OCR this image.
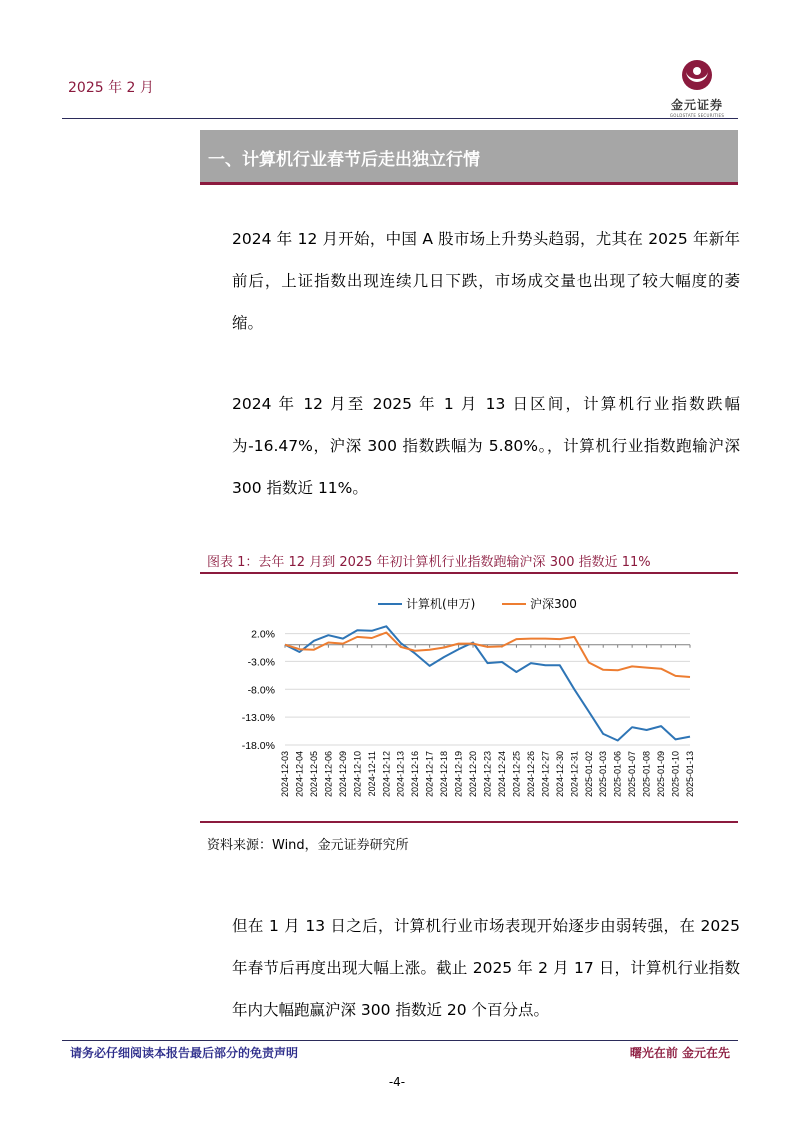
2025 年 2 月
金元证券
GOLDSTATE SECURITIES
一、计算机行业春节后走出独立行情

2024 年 12 月开始，中国 A 股市场上升势头趋弱，尤其在 2025 年新年前后，上证指数出现连续几日下跌，市场成交量也出现了较大幅度的萎缩。

2024 年 12 月至 2025 年 1 月 13 日区间，计算机行业指数跌幅为-16.47%，沪深 300 指数跌幅为 5.80%。，计算机行业指数跑输沪深 300 指数近 11%。

图表 1：去年 12 月到 2025 年初计算机行业指数跑输沪深 300 指数近 11%
2.0%
-3.0%
-8.0%
-13.0%
-18.0%
2024-12-03 2024-12-04 2024-12-05 2024-12-06 2024-12-09 2024-12-10 2024-12-11 2024-12-12 2024-12-13 2024-12-16 2024-12-17 2024-12-18 2024-12-19 2024-12-20 2024-12-23 2024-12-24 2024-12-25 2024-12-26 2024-12-27 2024-12-30 2024-12-31 2025-01-02 2025-01-03 2025-01-06 2025-01-07 2025-01-08 2025-01-09 2025-01-10 2025-01-13
计算机(申万)	沪深300
资料来源：Wind，金元证券研究所

但在 1 月 13 日之后，计算机行业市场表现开始逐步由弱转强，在 2025 年春节后再度出现大幅上涨。截止 2025 年 2 月 17 日，计算机行业指数年内大幅跑赢沪深 300 指数近 20 个百分点。

请务必仔细阅读本报告最后部分的免责声明	曙光在前 金元在先
-4-
